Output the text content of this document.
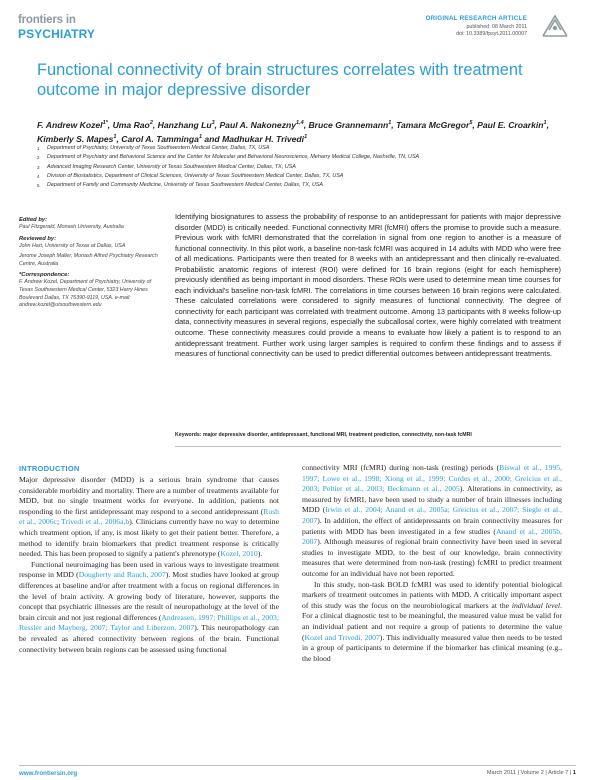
frontiers in
PSYCHIATRY
ORIGINAL RESEARCH ARTICLE
published: 08 March 2011
doi: 10.3389/fpsyt.2011.00007
Functional connectivity of brain structures correlates with treatment outcome in major depressive disorder
F. Andrew Kozel$^{1*}$, Uma Rao$^2$, Hanzhang Lu$^3$, Paul A. Nakonezny$^{1,4}$, Bruce Grannemann$^1$, Tamara McGregor$^5$, Paul E. Croarkin$^1$, Kimberly S. Mapes$^1$, Carol A. Tamminga$^1$ and Madhukar H. Trivedi$^1$
1	Department of Psychiatry, University of Texas Southwestern Medical Center, Dallas, TX, USA
2	Department of Psychiatry and Behavioral Science and the Center for Molecular and Behavioral Neuroscience, Meharry Medical College, Nashville, TN, USA
3	Advanced Imaging Research Center, University of Texas Southwestern Medical Center, Dallas, TX, USA
4	Division of Biostatistics, Department of Clinical Sciences, University of Texas Southwestern Medical Center, Dallas, TX, USA
5	Department of Family and Community Medicine, University of Texas Southwestern Medical Center, Dallas, TX, USA
Edited by:
Paul Fitzgerald, Monash University, Australia
Reviewed by:
John Hart, University of Texas at Dallas, USA
Jerome Joseph Maller, Monash Alfred Psychiatry Research Centre, Australia
*Correspondence:
F. Andrew Kozel, Department of Psychiatry, University of Texas Southwestern Medical Center, 5323 Harry Hines Boulevard Dallas, TX 75390-9119, USA. e-mail: andrew.kozel@utsouthwestern.edu

Identifying biosignatures to assess the probability of response to an antidepressant for patients with major depressive disorder (MDD) is critically needed. Functional connectivity MRI (fcMRI) offers the promise to provide such a measure. Previous work with fcMRI demonstrated that the correlation in signal from one region to another is a measure of functional connectivity. In this pilot work, a baseline non-task fcMRI was acquired in 14 adults with MDD who were free of all medications. Participants were then treated for 8 weeks with an antidepressant and then clinically re-evaluated. Probabilistic anatomic regions of interest (ROI) were defined for 16 brain regions (eight for each hemisphere) previously identified as being important in mood disorders. These ROIs were used to determine mean time courses for each individual's baseline non-task fcMRI. The correlations in time courses between 16 brain regions were calculated. These calculated correlations were considered to signify measures of functional connectivity. The degree of connectivity for each participant was correlated with treatment outcome. Among 13 participants with 8 weeks follow-up data, connectivity measures in several regions, especially the subcallosal cortex, were highly correlated with treatment outcome. These connectivity measures could provide a means to evaluate how likely a patient is to respond to an antidepressant treatment. Further work using larger samples is required to confirm these findings and to assess if measures of functional connectivity can be used to predict differential outcomes between antidepressant treatments.

Keywords: major depressive disorder, antidepressant, functional MRI, treatment prediction, connectivity, non-task fcMRI
INTRODUCTION

Major depressive disorder (MDD) is a serious brain syndrome that causes considerable morbidity and mortality. There are a number of treatments available for MDD, but no single treatment works for everyone. In addition, patients not responding to the first antidepressant may respond to a second antidepressant (Rush et al., 2006c; Trivedi et al., 2006a,b). Clinicians currently have no way to determine which treatment option, if any, is most likely to get their patient better. Therefore, a method to identify brain biomarkers that predict treatment response is critically needed. This has been proposed to signify a patient's phrenotype (Kozel, 2010).

Functional neuroimaging has been used in various ways to investigate treatment response in MDD (Dougherty and Rauch, 2007). Most studies have looked at group differences at baseline and/or after treatment with a focus on regional differences in the level of brain activity. A growing body of literature, however, supports the concept that psychiatric illnesses are the result of neuropathology at the level of the brain circuit and not just regional differences (Andreasen, 1997; Phillips et al., 2003; Ressler and Mayberg, 2007; Taylor and Liberzon, 2007). This neuropathology can be revealed as altered connectivity between regions of the brain. Functional connectivity between brain regions can be assessed using functional

connectivity MRI (fcMRI) during non-task (resting) periods (Biswal et al., 1995, 1997; Lowe et al., 1998; Xiong et al., 1999; Cordes et al., 2000; Greicius et al., 2003; Peltier et al., 2003; Beckmann et al., 2005). Alterations in connectivity, as measured by fcMRI, have been used to study a number of brain illnesses including MDD (Irwin et al., 2004; Anand et al., 2005a; Greicius et al., 2007; Siegle et al., 2007). In addition, the effect of antidepressants on brain connectivity measures for patients with MDD has been investigated in a few studies (Anand et al., 2005b, 2007). Although measures of regional brain connectivity have been used in several studies to investigate MDD, to the best of our knowledge, brain connectivity measures that were determined from non-task (resting) fcMRI to predict treatment outcome for an individual have not been reported.

In this study, non-task BOLD fcMRI was used to identify potential biological markers of treatment outcomes in patients with MDD. A critically important aspect of this study was the focus on the neurobiological markers at the individual level. For a clinical diagnostic test to be meaningful, the measured value must be valid for an individual patient and not require a group of patients to determine the value (Kozel and Trivedi, 2007). This individually measured value then needs to be tested in a group of participants to determine if the biomarker has clinical meaning (e.g., the blood

www.frontiersin.org	March 2011 | Volume 2 | Article 7 | 1
